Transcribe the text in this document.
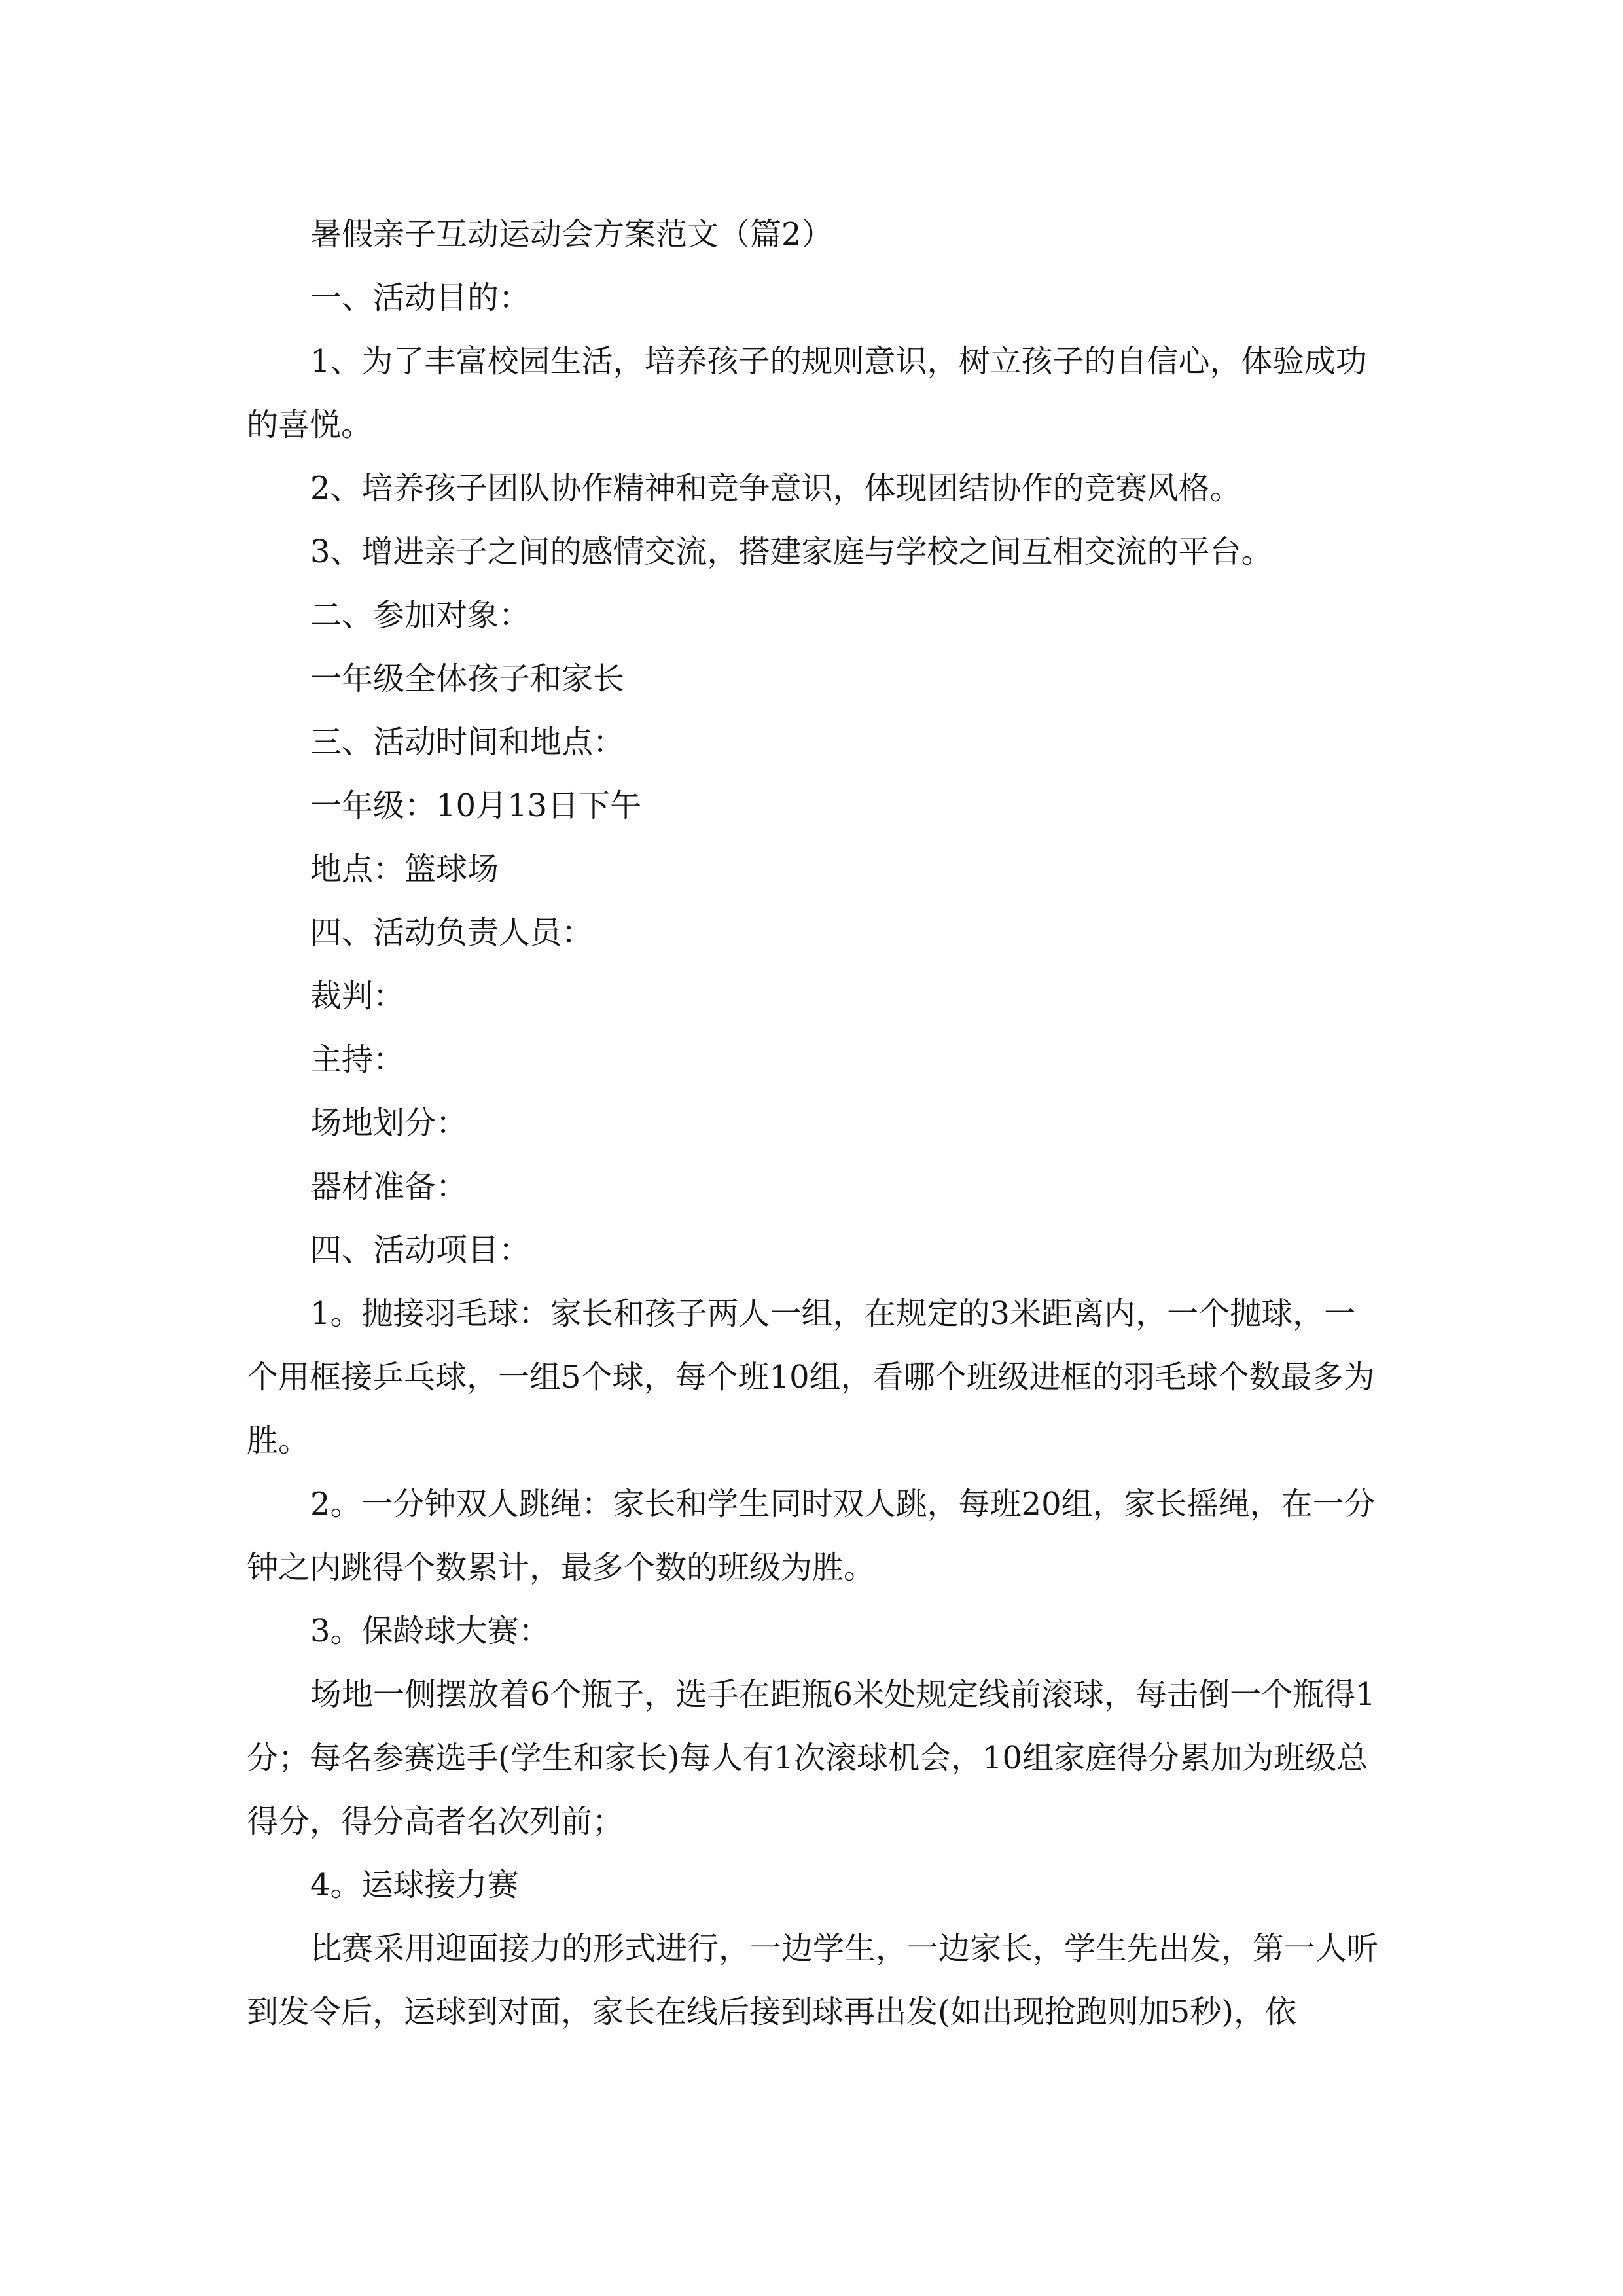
暑假亲子互动运动会方案范文（篇2）

一、活动目的：

1、为了丰富校园生活，培养孩子的规则意识，树立孩子的自信心，体验成功的喜悦。

2、培养孩子团队协作精神和竞争意识，体现团结协作的竞赛风格。

3、增进亲子之间的感情交流，搭建家庭与学校之间互相交流的平台。

二、参加对象：

一年级全体孩子和家长

三、活动时间和地点：

一年级：10月13日下午

地点：篮球场

四、活动负责人员：

裁判：

主持：

场地划分：

器材准备：

四、活动项目：

1。抛接羽毛球：家长和孩子两人一组，在规定的3米距离内，一个抛球，一个用框接乒乓球，一组5个球，每个班10组，看哪个班级进框的羽毛球个数最多为胜。

2。一分钟双人跳绳：家长和学生同时双人跳，每班20组，家长摇绳，在一分钟之内跳得个数累计，最多个数的班级为胜。

3。保龄球大赛：

场地一侧摆放着6个瓶子，选手在距瓶6米处规定线前滚球，每击倒一个瓶得1分；每名参赛选手(学生和家长)每人有1次滚球机会，10组家庭得分累加为班级总得分，得分高者名次列前；

4。运球接力赛

比赛采用迎面接力的形式进行，一边学生，一边家长，学生先出发，第一人听到发令后，运球到对面，家长在线后接到球再出发(如出现抢跑则加5秒)，依
